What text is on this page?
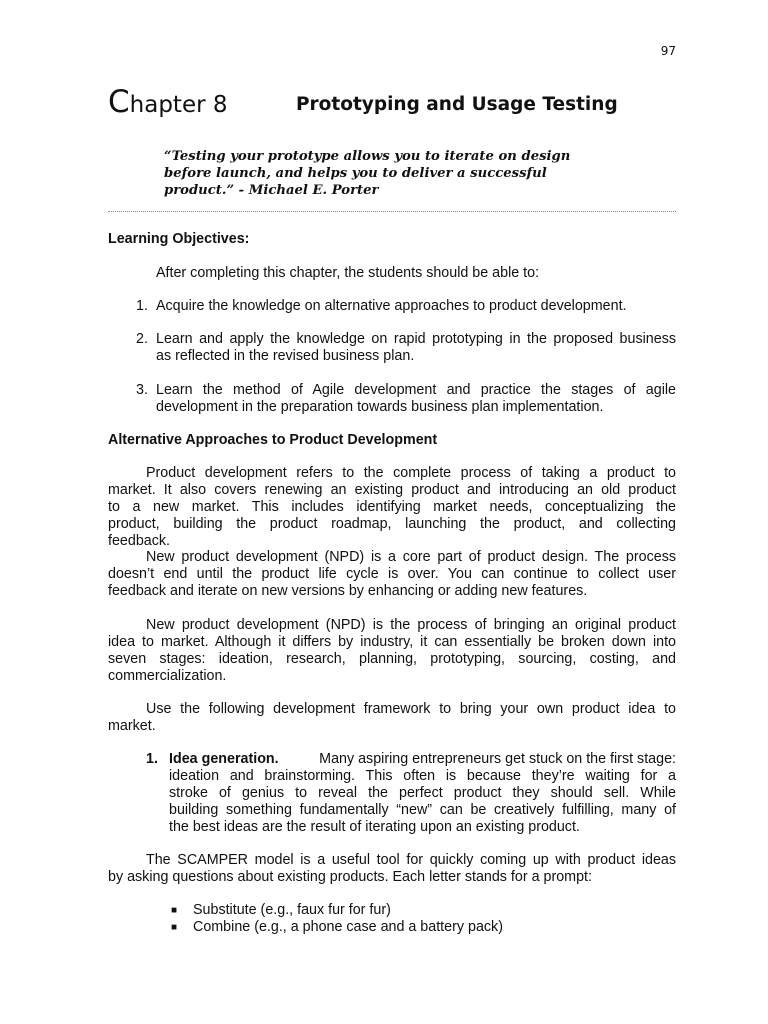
97
Chapter 8	Prototyping and Usage Testing
“Testing your prototype allows you to iterate on design
before launch, and helps you to deliver a successful
product.” - Michael E. Porter
Learning Objectives:
After completing this chapter, the students should be able to:
1. Acquire the knowledge on alternative approaches to product development.
2. Learn and apply the knowledge on rapid prototyping in the proposed business
as reflected in the revised business plan.
3. Learn the method of Agile development and practice the stages of agile
development in the preparation towards business plan implementation.
Alternative Approaches to Product Development
Product development refers to the complete process of taking a product to
market. It also covers renewing an existing product and introducing an old product
to a new market. This includes identifying market needs, conceptualizing the
product, building the product roadmap, launching the product, and collecting
feedback.
New product development (NPD) is a core part of product design. The process
doesn’t end until the product life cycle is over. You can continue to collect user
feedback and iterate on new versions by enhancing or adding new features.
New product development (NPD) is the process of bringing an original product
idea to market. Although it differs by industry, it can essentially be broken down into
seven stages: ideation, research, planning, prototyping, sourcing, costing, and
commercialization.
Use the following development framework to bring your own product idea to
market.
1. Idea generation.	Many aspiring entrepreneurs get stuck on the first stage:
ideation and brainstorming. This often is because they’re waiting for a
stroke of genius to reveal the perfect product they should sell. While
building something fundamentally “new” can be creatively fulfilling, many of
the best ideas are the result of iterating upon an existing product.
The SCAMPER model is a useful tool for quickly coming up with product ideas
by asking questions about existing products. Each letter stands for a prompt:
■ Substitute (e.g., faux fur for fur)
■ Combine (e.g., a phone case and a battery pack)
